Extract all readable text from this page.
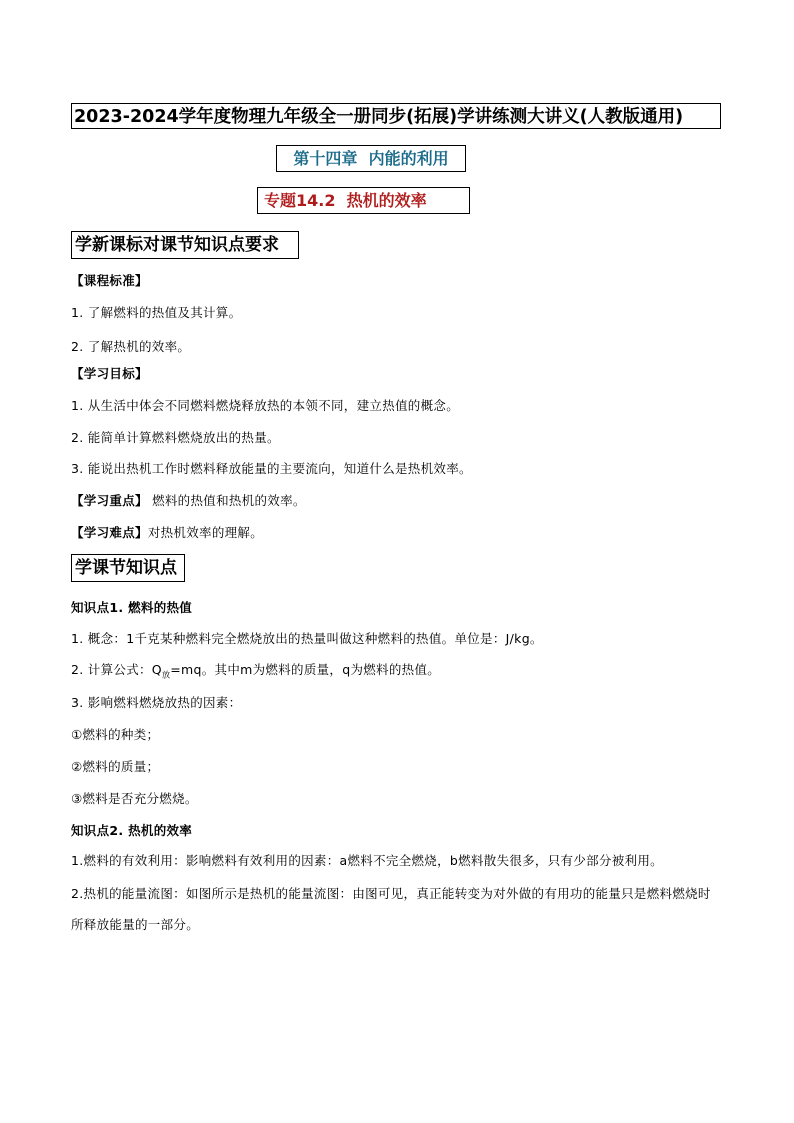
2023-2024学年度物理九年级全一册同步(拓展)学讲练测大讲义(人教版通用)
第十四章  内能的利用
专题14.2  热机的效率
学新课标对课节知识点要求
【课程标准】
1. 了解燃料的热值及其计算。
2. 了解热机的效率。
【学习目标】
1. 从生活中体会不同燃料燃烧释放热的本领不同，建立热值的概念。
2. 能简单计算燃料燃烧放出的热量。
3. 能说出热机工作时燃料释放能量的主要流向，知道什么是热机效率。
【学习重点】 燃料的热值和热机的效率。
【学习难点】对热机效率的理解。
学课节知识点
知识点1. 燃料的热值
1. 概念：1千克某种燃料完全燃烧放出的热量叫做这种燃料的热值。单位是：J/kg。
2. 计算公式：$Q_放=mq$。其中m为燃料的质量，q为燃料的热值。
3. 影响燃料燃烧放热的因素：
①燃料的种类；
②燃料的质量；
③燃料是否充分燃烧。
知识点2. 热机的效率
1.燃料的有效利用：影响燃料有效利用的因素：a燃料不完全燃烧，b燃料散失很多，只有少部分被利用。
2.热机的能量流图：如图所示是热机的能量流图：由图可见，真正能转变为对外做的有用功的能量只是燃料燃烧时所释放能量的一部分。
